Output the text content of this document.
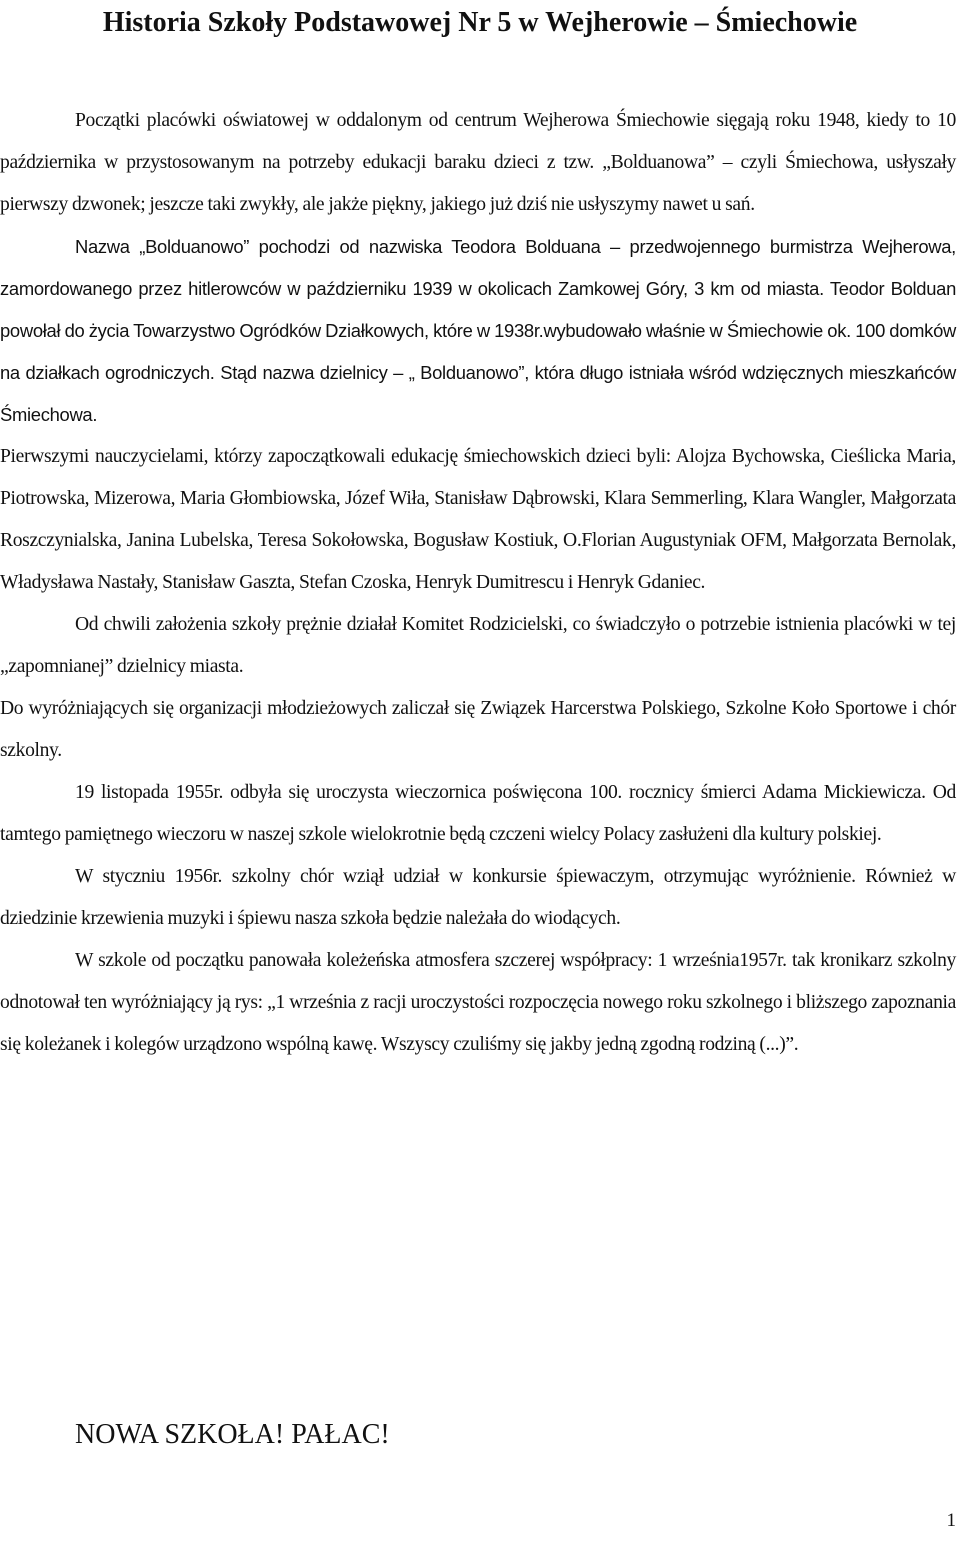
Historia Szkoły Podstawowej Nr 5 w Wejherowie – Śmiechowie

Początki placówki oświatowej w oddalonym od centrum Wejherowa Śmiechowie sięgają roku 1948, kiedy to 10 października w przystosowanym na potrzeby edukacji baraku dzieci z tzw. „Bolduanowa” – czyli Śmiechowa, usłyszały pierwszy dzwonek; jeszcze taki zwykły, ale jakże piękny, jakiego już dziś nie usłyszymy nawet u sań.

Nazwa „Bolduanowo” pochodzi od nazwiska Teodora Bolduana – przedwojennego burmistrza Wejherowa, zamordowanego przez hitlerowców w październiku 1939 w okolicach Zamkowej Góry, 3 km od miasta. Teodor Bolduan powołał do życia Towarzystwo Ogródków Działkowych, które w 1938r.wybudowało właśnie w Śmiechowie ok. 100 domków na działkach ogrodniczych. Stąd nazwa dzielnicy – „ Bolduanowo”, która długo istniała wśród wdzięcznych mieszkańców Śmiechowa.

Pierwszymi nauczycielami, którzy zapoczątkowali edukację śmiechowskich dzieci byli: Alojza Bychowska, Cieślicka Maria, Piotrowska, Mizerowa, Maria Głombiowska, Józef Wiła, Stanisław Dąbrowski, Klara Semmerling, Klara Wangler, Małgorzata Roszczynialska, Janina Lubelska, Teresa Sokołowska, Bogusław Kostiuk, O.Florian Augustyniak OFM, Małgorzata Bernolak, Władysława Nastały, Stanisław Gaszta, Stefan Czoska, Henryk Dumitrescu i Henryk Gdaniec.

Od chwili założenia szkoły prężnie działał Komitet Rodzicielski, co świadczyło o potrzebie istnienia placówki w tej „zapomnianej” dzielnicy miasta.

Do wyróżniających się organizacji młodzieżowych zaliczał się Związek Harcerstwa Polskiego, Szkolne Koło Sportowe i chór szkolny.

19 listopada 1955r. odbyła się uroczysta wieczornica poświęcona 100. rocznicy śmierci Adama Mickiewicza. Od tamtego pamiętnego wieczoru w naszej szkole wielokrotnie będą czczeni wielcy Polacy zasłużeni dla kultury polskiej.

W styczniu 1956r. szkolny chór wziął udział w konkursie śpiewaczym, otrzymując wyróżnienie. Również w dziedzinie krzewienia muzyki i śpiewu nasza szkoła będzie należała do wiodących.

W szkole od początku panowała koleżeńska atmosfera szczerej współpracy: 1 września1957r. tak kronikarz szkolny odnotował ten wyróżniający ją rys: „1 września z racji uroczystości rozpoczęcia nowego roku szkolnego i bliższego zapoznania się koleżanek i kolegów urządzono wspólną kawę. Wszyscy czuliśmy się jakby jedną zgodną rodziną (...)”.

NOWA SZKOŁA! PAŁAC!
1
